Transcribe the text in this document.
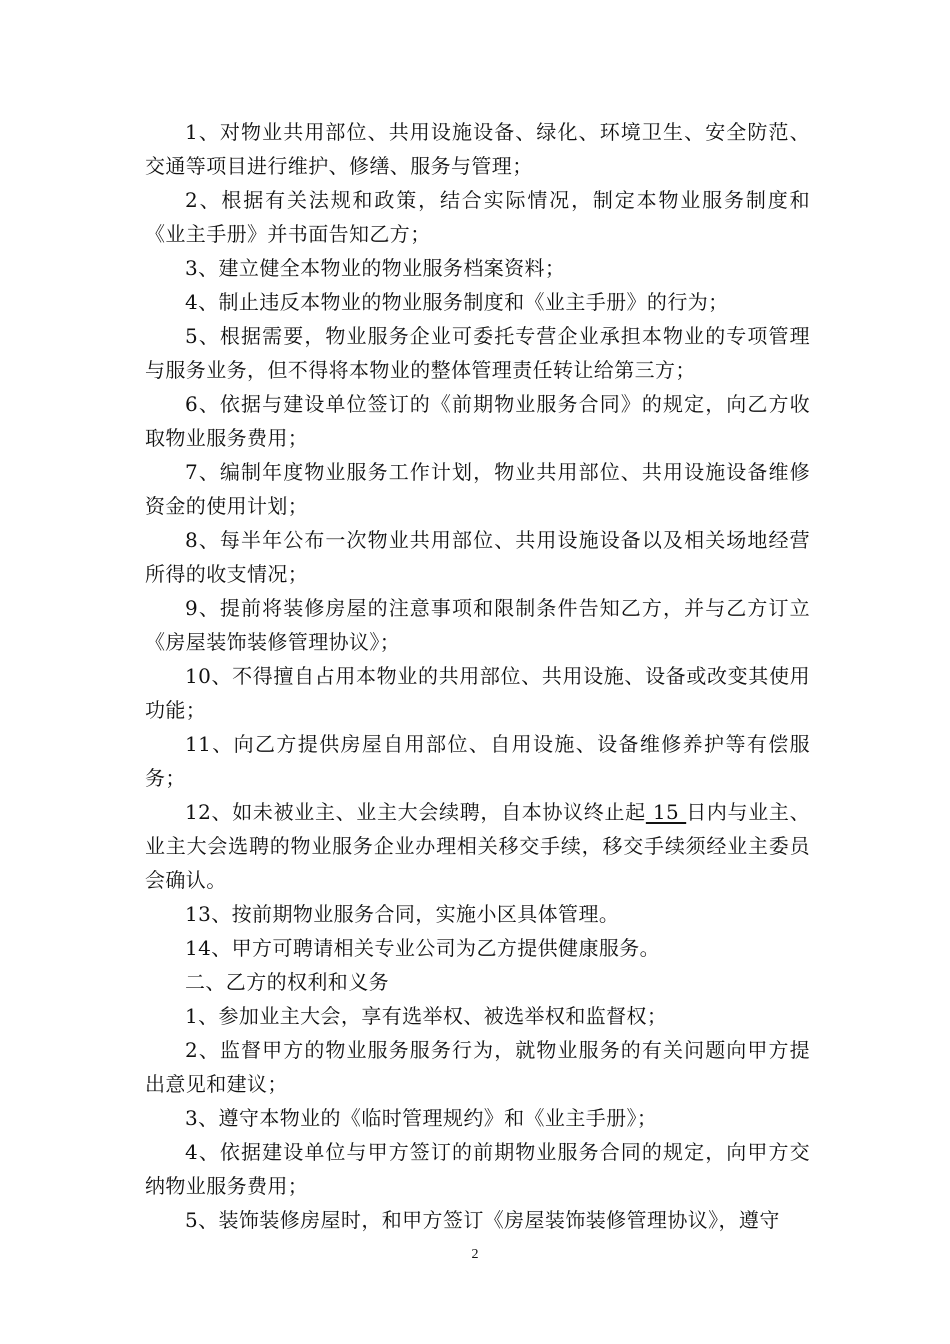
1、对物业共用部位、共用设施设备、绿化、环境卫生、安全防范、交通等项目进行维护、修缮、服务与管理；

2、根据有关法规和政策，结合实际情况，制定本物业服务制度和《业主手册》并书面告知乙方；

3、建立健全本物业的物业服务档案资料；

4、制止违反本物业的物业服务制度和《业主手册》的行为；

5、根据需要，物业服务企业可委托专营企业承担本物业的专项管理与服务业务，但不得将本物业的整体管理责任转让给第三方；

6、依据与建设单位签订的《前期物业服务合同》的规定，向乙方收取物业服务费用；

7、编制年度物业服务工作计划，物业共用部位、共用设施设备维修资金的使用计划；

8、每半年公布一次物业共用部位、共用设施设备以及相关场地经营所得的收支情况；

9、提前将装修房屋的注意事项和限制条件告知乙方，并与乙方订立《房屋装饰装修管理协议》；

10、不得擅自占用本物业的共用部位、共用设施、设备或改变其使用功能；

11、向乙方提供房屋自用部位、自用设施、设备维修养护等有偿服务；

12、如未被业主、业主大会续聘，自本协议终止起 15 日内与业主、业主大会选聘的物业服务企业办理相关移交手续，移交手续须经业主委员会确认。

13、按前期物业服务合同，实施小区具体管理。

14、甲方可聘请相关专业公司为乙方提供健康服务。

二、乙方的权利和义务

1、参加业主大会，享有选举权、被选举权和监督权；

2、监督甲方的物业服务服务行为，就物业服务的有关问题向甲方提出意见和建议；

3、遵守本物业的《临时管理规约》和《业主手册》；

4、依据建设单位与甲方签订的前期物业服务合同的规定，向甲方交纳物业服务费用；

5、装饰装修房屋时，和甲方签订《房屋装饰装修管理协议》，遵守

2
